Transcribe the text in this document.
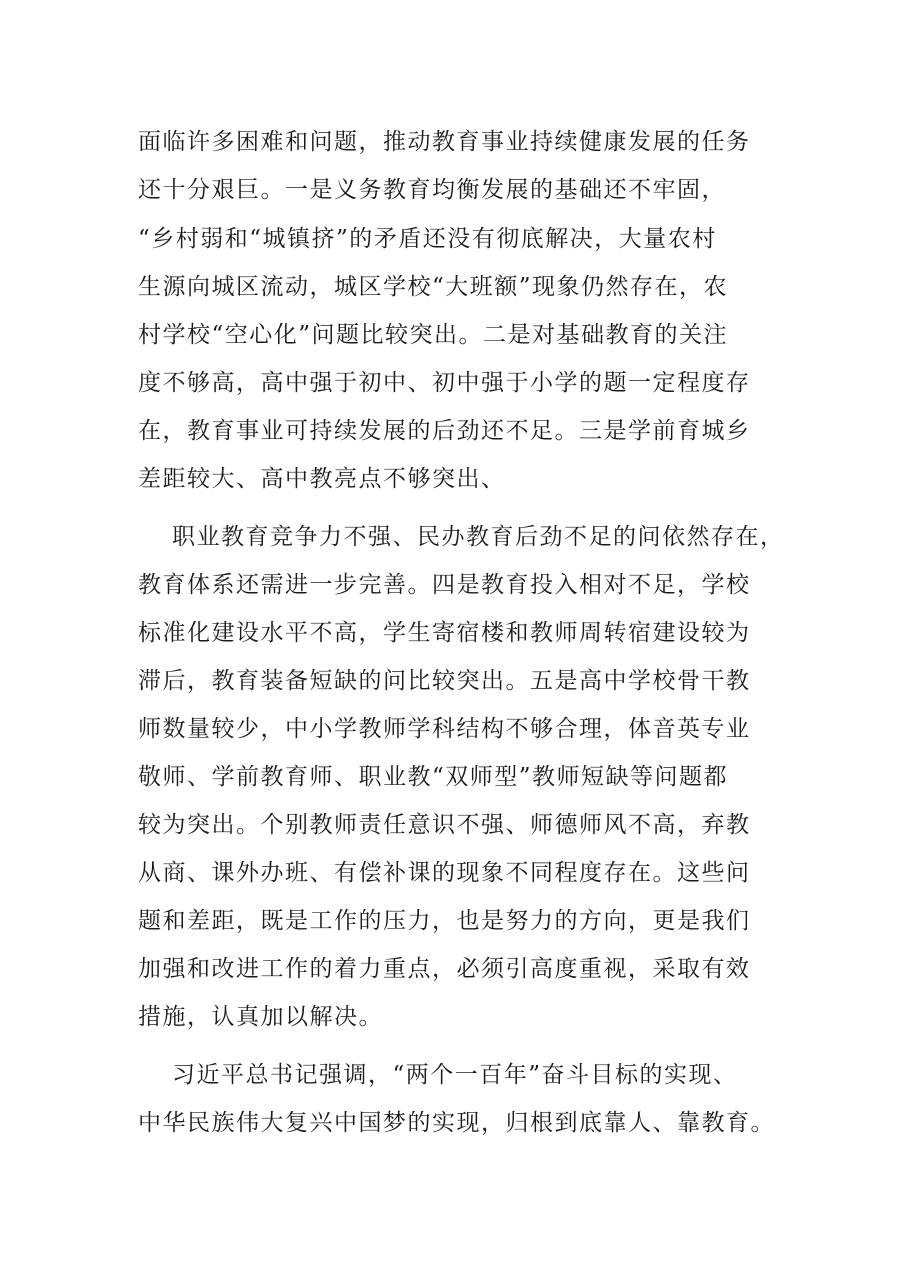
面临许多困难和问题，推动教育事业持续健康发展的任务
还十分艰巨。一是义务教育均衡发展的基础还不牢固，
“乡村弱和“城镇挤”的矛盾还没有彻底解决，大量农村
生源向城区流动，城区学校“大班额”现象仍然存在，农
村学校“空心化”问题比较突出。二是对基础教育的关注
度不够高，高中强于初中、初中强于小学的题一定程度存
在，教育事业可持续发展的后劲还不足。三是学前育城乡
差距较大、高中教亮点不够突出、
职业教育竞争力不强、民办教育后劲不足的问依然存在，
教育体系还需进一步完善。四是教育投入相对不足，学校
标准化建设水平不高，学生寄宿楼和教师周转宿建设较为
滞后，教育装备短缺的问比较突出。五是高中学校骨干教
师数量较少，中小学教师学科结构不够合理，体音英专业
敬师、学前教育师、职业教“双师型”教师短缺等问题都
较为突出。个别教师责任意识不强、师德师风不高，弃教
从商、课外办班、有偿补课的现象不同程度存在。这些问
题和差距，既是工作的压力，也是努力的方向，更是我们
加强和改进工作的着力重点，必须引高度重视，采取有效
措施，认真加以解决。
习近平总书记强调，“两个一百年”奋斗目标的实现、
中华民族伟大复兴中国梦的实现，归根到底靠人、靠教育。
